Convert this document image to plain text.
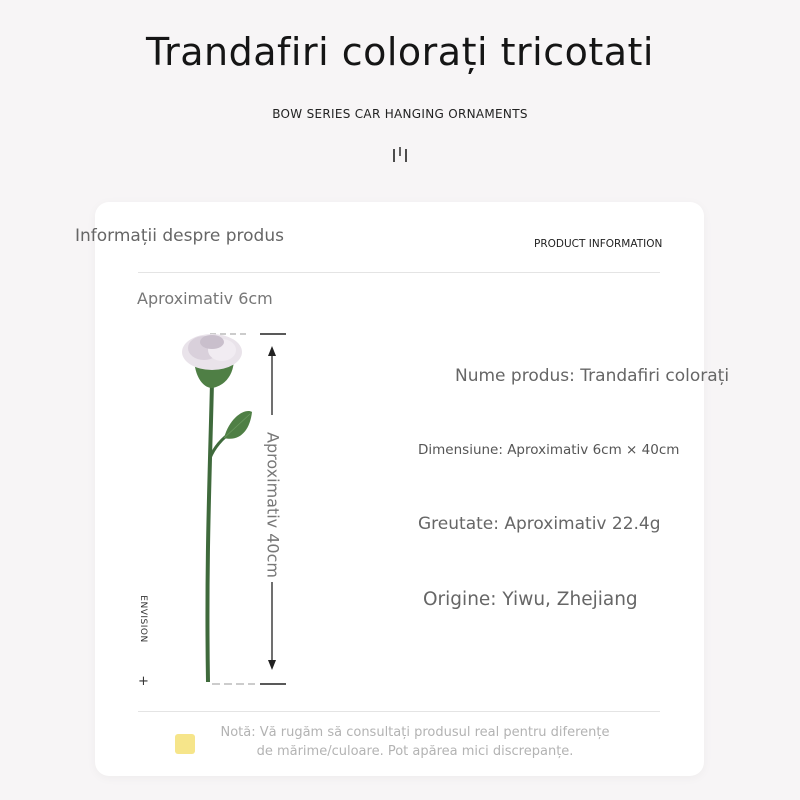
Trandafiri colorați tricotati
BOW SERIES CAR HANGING ORNAMENTS
Informații despre produs	PRODUCT INFORMATION
Aproximativ 6cm
Aproximativ 40cm
ENVISION
+
Nume produs: Trandafiri colorați
Dimensiune: Aproximativ 6cm × 40cm
Greutate: Aproximativ 22.4g
Origine: Yiwu, Zhejiang
Notă: Vă rugăm să consultați produsul real pentru diferențe
de mărime/culoare. Pot apărea mici discrepanțe.
